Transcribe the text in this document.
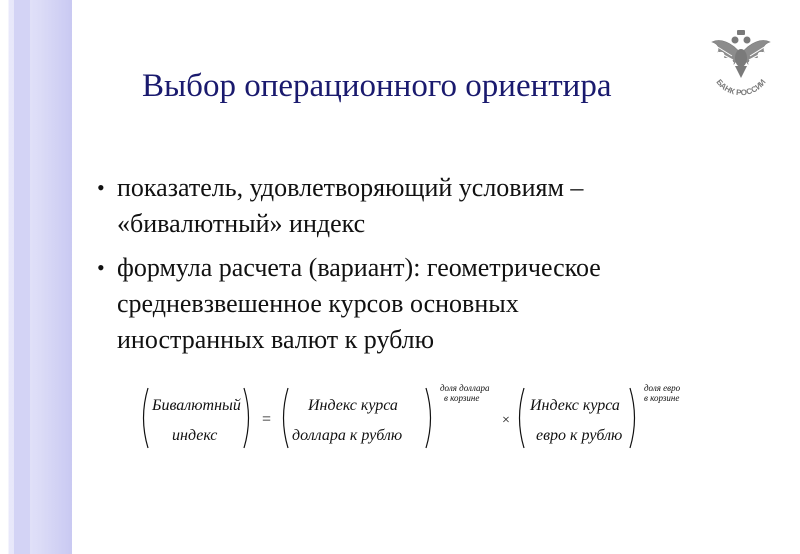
Выбор операционного ориентира	БАНК РОССИИ
• показатель, удовлетворяющий условиям –
«бивалютный» индекс
• формула расчета (вариант): геометрическое
средневзвешенное курсов основных
иностранных валют к рублю
Бивалютный
индекс
=
Индекс курса
доллара к рублю
доля доллара
в корзине
×
Индекс курса
евро к рублю
доля евро
в корзине
